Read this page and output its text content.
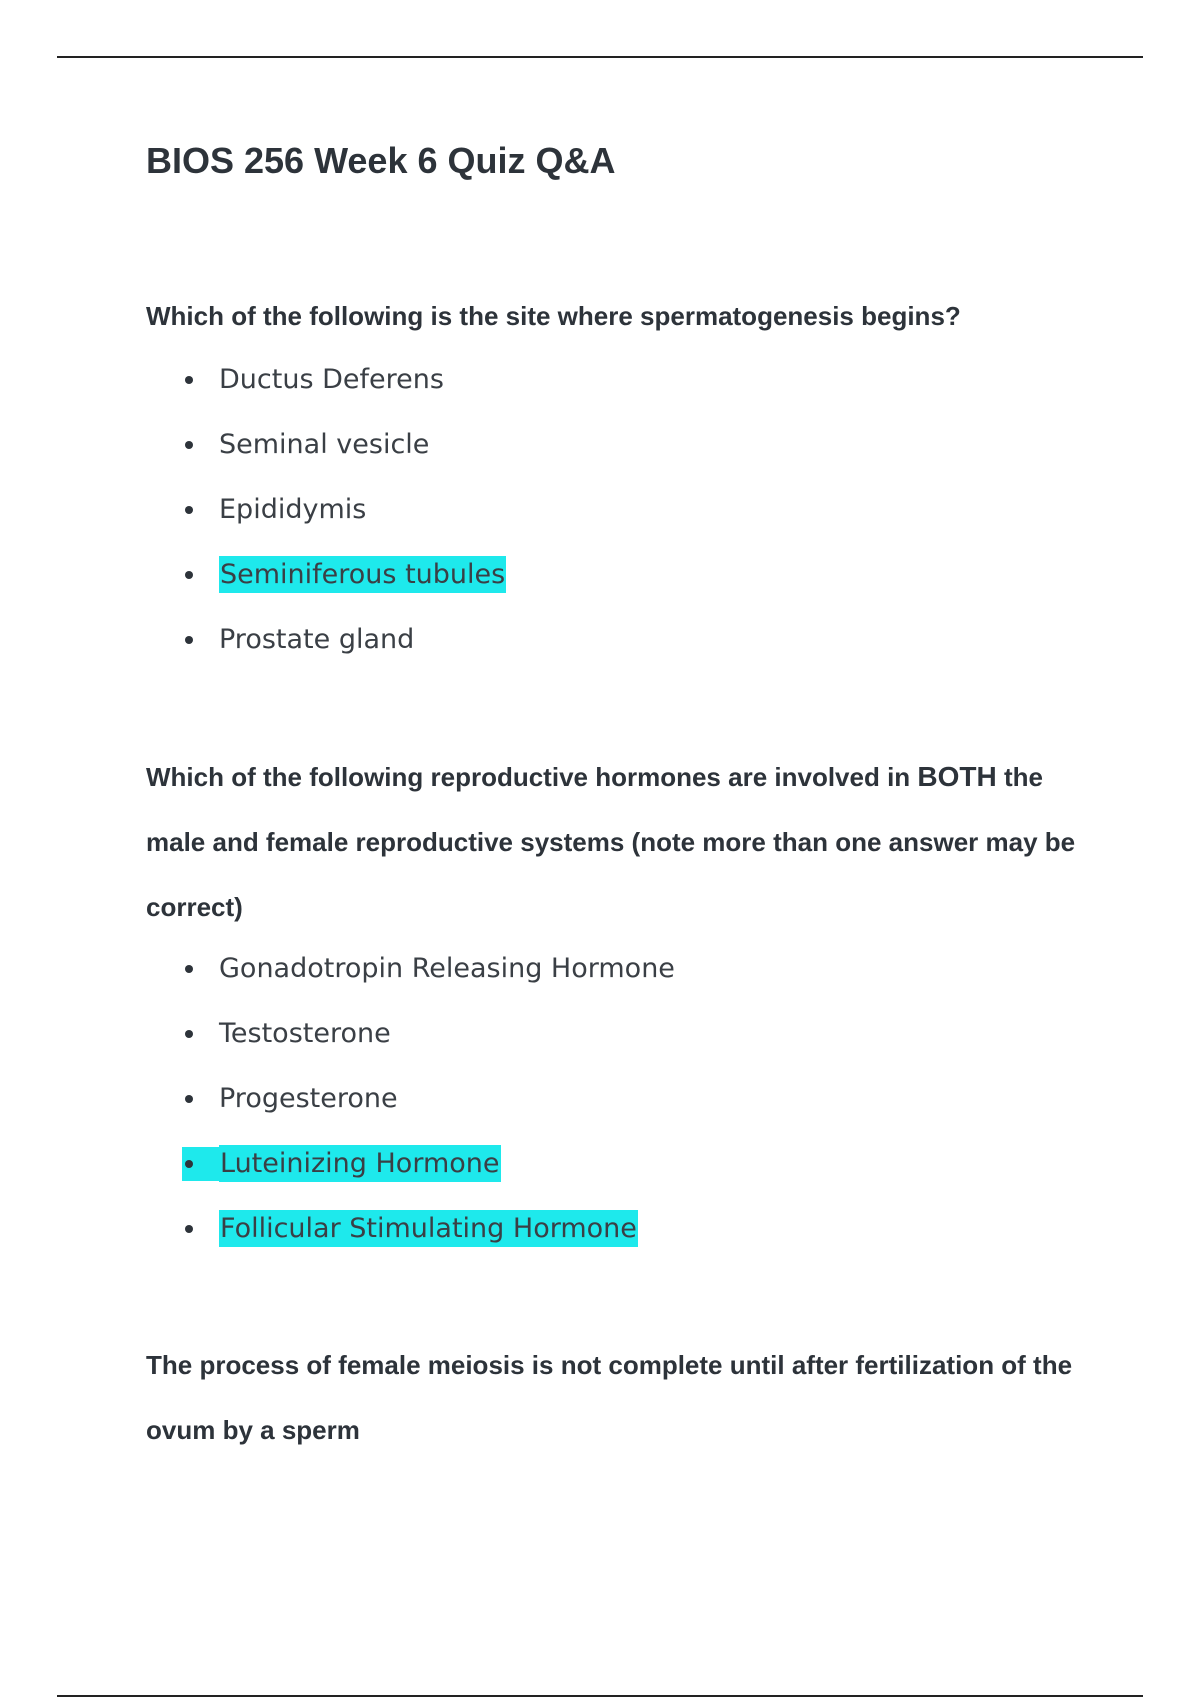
BIOS 256 Week 6 Quiz Q&A

Which of the following is the site where spermatogenesis begins?

Ductus Deferens
Seminal vesicle
Epididymis
Seminiferous tubules
Prostate gland

Which of the following reproductive hormones are involved in BOTH the male and female reproductive systems (note more than one answer may be correct)

Gonadotropin Releasing Hormone
Testosterone
Progesterone
Luteinizing Hormone
Follicular Stimulating Hormone

The process of female meiosis is not complete until after fertilization of the ovum by a sperm
